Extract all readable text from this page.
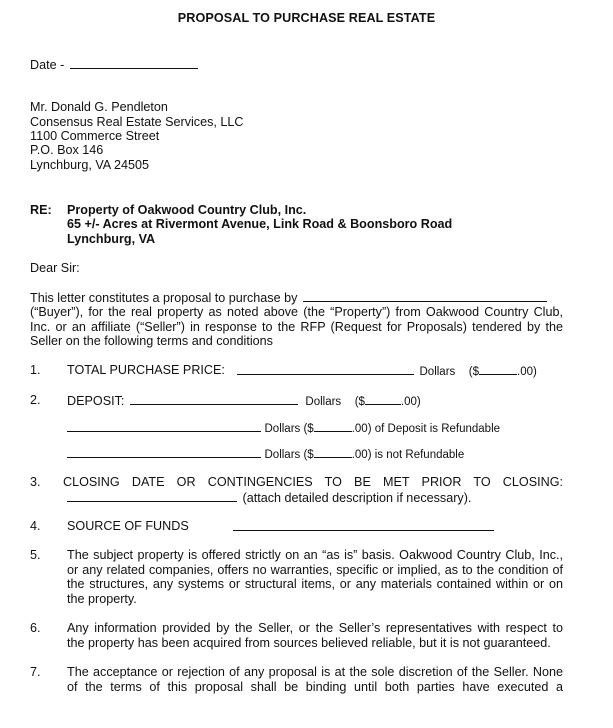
PROPOSAL TO PURCHASE REAL ESTATE
Date -
Mr. Donald G. Pendleton
Consensus Real Estate Services, LLC
1100 Commerce Street
P.O. Box 146
Lynchburg, VA 24505
RE: Property of Oakwood Country Club, Inc.
65 +/- Acres at Rivermont Avenue, Link Road & Boonsboro Road
Lynchburg, VA
Dear Sir:
This letter constitutes a proposal to purchase by
(“Buyer”), for the real property as noted above (the “Property”) from Oakwood Country Club,
Inc. or an affiliate (“Seller”) in response to the RFP (Request for Proposals) tendered by the
Seller on the following terms and conditions
1. TOTAL PURCHASE PRICE:	Dollars ($	.00)
2. DEPOSIT:	Dollars ($	.00)
Dollars ($	.00) of Deposit is Refundable
Dollars ($	.00) is not Refundable
3. CLOSING DATE OR CONTINGENCIES TO BE MET PRIOR TO CLOSING:
(attach detailed description if necessary).
4. SOURCE OF FUNDS
5. The subject property is offered strictly on an “as is” basis. Oakwood Country Club, Inc.,
or any related companies, offers no warranties, specific or implied, as to the condition of
the structures, any systems or structural items, or any materials contained within or on
the property.
6. Any information provided by the Seller, or the Seller’s representatives with respect to
the property has been acquired from sources believed reliable, but it is not guaranteed.
7. The acceptance or rejection of any proposal is at the sole discretion of the Seller. None
of the terms of this proposal shall be binding until both parties have executed a
